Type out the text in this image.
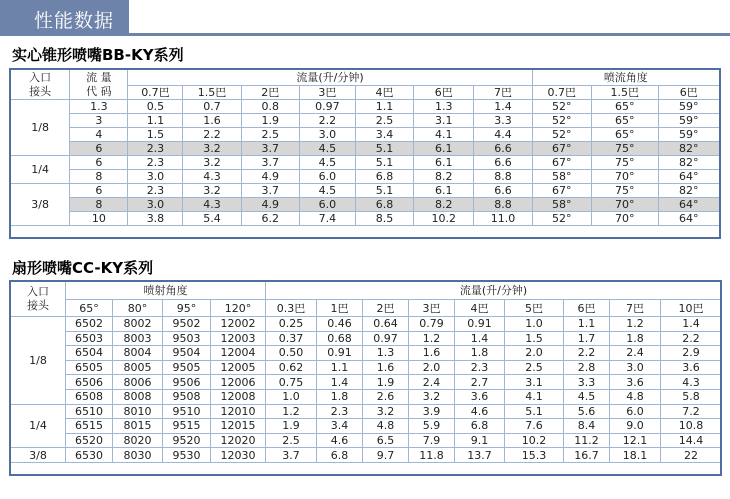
性能数据
实心锥形喷嘴BB-KY系列
入口
接头	流 量
代 码	流量(升/分钟)							喷流角度		
		0.7巴	1.5巴	2巴	3巴	4巴	6巴	7巴	0.7巴	1.5巴	6巴
1/8	1.3	0.5	0.7	0.8	0.97	1.1	1.3	1.4	52°	65°	59°
	3	1.1	1.6	1.9	2.2	2.5	3.1	3.3	52°	65°	59°
	4	1.5	2.2	2.5	3.0	3.4	4.1	4.4	52°	65°	59°
	6	2.3	3.2	3.7	4.5	5.1	6.1	6.6	67°	75°	82°
1/4	6	2.3	3.2	3.7	4.5	5.1	6.1	6.6	67°	75°	82°
	8	3.0	4.3	4.9	6.0	6.8	8.2	8.8	58°	70°	64°
3/8	6	2.3	3.2	3.7	4.5	5.1	6.1	6.6	67°	75°	82°
	8	3.0	4.3	4.9	6.0	6.8	8.2	8.8	58°	70°	64°
	10	3.8	5.4	6.2	7.4	8.5	10.2	11.0	52°	70°	64°
扇形喷嘴CC-KY系列
入口
接头	喷射角度				流量(升/分钟)								
	65°	80°	95°	120°	0.3巴	1巴	2巴	3巴	4巴	5巴	6巴	7巴	10巴
1/8	6502	8002	9502	12002	0.25	0.46	0.64	0.79	0.91	1.0	1.1	1.2	1.4
	6503	8003	9503	12003	0.37	0.68	0.97	1.2	1.4	1.5	1.7	1.8	2.2
	6504	8004	9504	12004	0.50	0.91	1.3	1.6	1.8	2.0	2.2	2.4	2.9
	6505	8005	9505	12005	0.62	1.1	1.6	2.0	2.3	2.5	2.8	3.0	3.6
	6506	8006	9506	12006	0.75	1.4	1.9	2.4	2.7	3.1	3.3	3.6	4.3
	6508	8008	9508	12008	1.0	1.8	2.6	3.2	3.6	4.1	4.5	4.8	5.8
1/4	6510	8010	9510	12010	1.2	2.3	3.2	3.9	4.6	5.1	5.6	6.0	7.2
	6515	8015	9515	12015	1.9	3.4	4.8	5.9	6.8	7.6	8.4	9.0	10.8
	6520	8020	9520	12020	2.5	4.6	6.5	7.9	9.1	10.2	11.2	12.1	14.4
3/8	6530	8030	9530	12030	3.7	6.8	9.7	11.8	13.7	15.3	16.7	18.1	22
